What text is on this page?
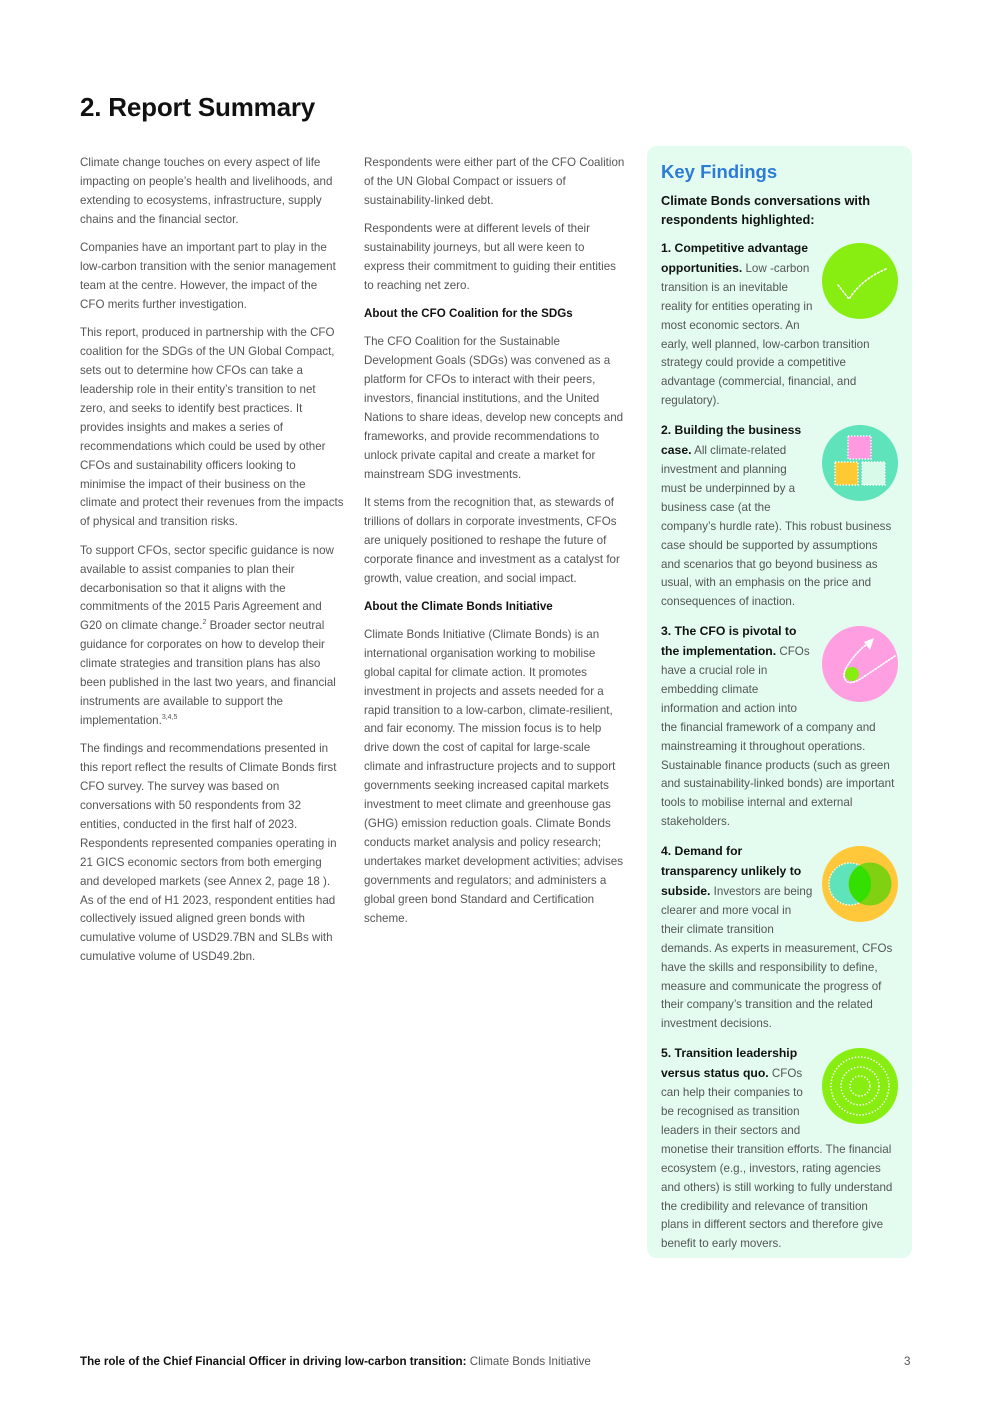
2. Report Summary

Climate change touches on every aspect of life impacting on people’s health and livelihoods, and extending to ecosystems, infrastructure, supply chains and the financial sector.

Companies have an important part to play in the low-carbon transition with the senior management team at the centre. However, the impact of the CFO merits further investigation.

This report, produced in partnership with the CFO coalition for the SDGs of the UN Global Compact, sets out to determine how CFOs can take a leadership role in their entity’s transition to net zero, and seeks to identify best practices. It provides insights and makes a series of recommendations which could be used by other CFOs and sustainability officers looking to minimise the impact of their business on the climate and protect their revenues from the impacts of physical and transition risks.

To support CFOs, sector specific guidance is now available to assist companies to plan their decarbonisation so that it aligns with the commitments of the 2015 Paris Agreement and G20 on climate change.$^2$ Broader sector neutral guidance for corporates on how to develop their climate strategies and transition plans has also been published in the last two years, and financial instruments are available to support the implementation.$^{3,4,5}$

The findings and recommendations presented in this report reflect the results of Climate Bonds first CFO survey. The survey was based on conversations with 50 respondents from 32 entities, conducted in the first half of 2023. Respondents represented companies operating in 21 GICS economic sectors from both emerging and developed markets (see Annex 2, page 18 ). As of the end of H1 2023, respondent entities had collectively issued aligned green bonds with cumulative volume of USD29.7BN and SLBs with cumulative volume of USD49.2bn.

Respondents were either part of the CFO Coalition of the UN Global Compact or issuers of sustainability-linked debt.

Respondents were at different levels of their sustainability journeys, but all were keen to express their commitment to guiding their entities to reaching net zero.

About the CFO Coalition for the SDGs

The CFO Coalition for the Sustainable Development Goals (SDGs) was convened as a platform for CFOs to interact with their peers, investors, financial institutions, and the United Nations to share ideas, develop new concepts and frameworks, and provide recommendations to unlock private capital and create a market for mainstream SDG investments.

It stems from the recognition that, as stewards of trillions of dollars in corporate investments, CFOs are uniquely positioned to reshape the future of corporate finance and investment as a catalyst for growth, value creation, and social impact.

About the Climate Bonds Initiative

Climate Bonds Initiative (Climate Bonds) is an international organisation working to mobilise global capital for climate action. It promotes investment in projects and assets needed for a rapid transition to a low-carbon, climate-resilient, and fair economy. The mission focus is to help drive down the cost of capital for large-scale climate and infrastructure projects and to support governments seeking increased capital markets investment to meet climate and greenhouse gas (GHG) emission reduction goals. Climate Bonds conducts market analysis and policy research; undertakes market development activities; advises governments and regulators; and administers a global green bond Standard and Certification scheme.

Key Findings
Climate Bonds conversations with respondents highlighted:
1. Competitive advantage opportunities. Low -carbon transition is an inevitable reality for entities operating in most economic sectors. An early, well planned, low-carbon transition strategy could provide a competitive advantage (commercial, financial, and regulatory).
2. Building the business case. All climate-related investment and planning must be underpinned by a business case (at the company’s hurdle rate). This robust business case should be supported by assumptions and scenarios that go beyond business as usual, with an emphasis on the price and consequences of inaction.
3. The CFO is pivotal to the implementation. CFOs have a crucial role in embedding climate information and action into the financial framework of a company and mainstreaming it throughout operations. Sustainable finance products (such as green and sustainability-linked bonds) are important tools to mobilise internal and external stakeholders.
4. Demand for transparency unlikely to subside. Investors are being clearer and more vocal in their climate transition demands. As experts in measurement, CFOs have the skills and responsibility to define, measure and communicate the progress of their company’s transition and the related investment decisions.
5. Transition leadership versus status quo. CFOs can help their companies to be recognised as transition leaders in their sectors and monetise their transition efforts. The financial ecosystem (e.g., investors, rating agencies and others) is still working to fully understand the credibility and relevance of transition plans in different sectors and therefore give benefit to early movers.
The role of the Chief Financial Officer in driving low-carbon transition: Climate Bonds Initiative	3
